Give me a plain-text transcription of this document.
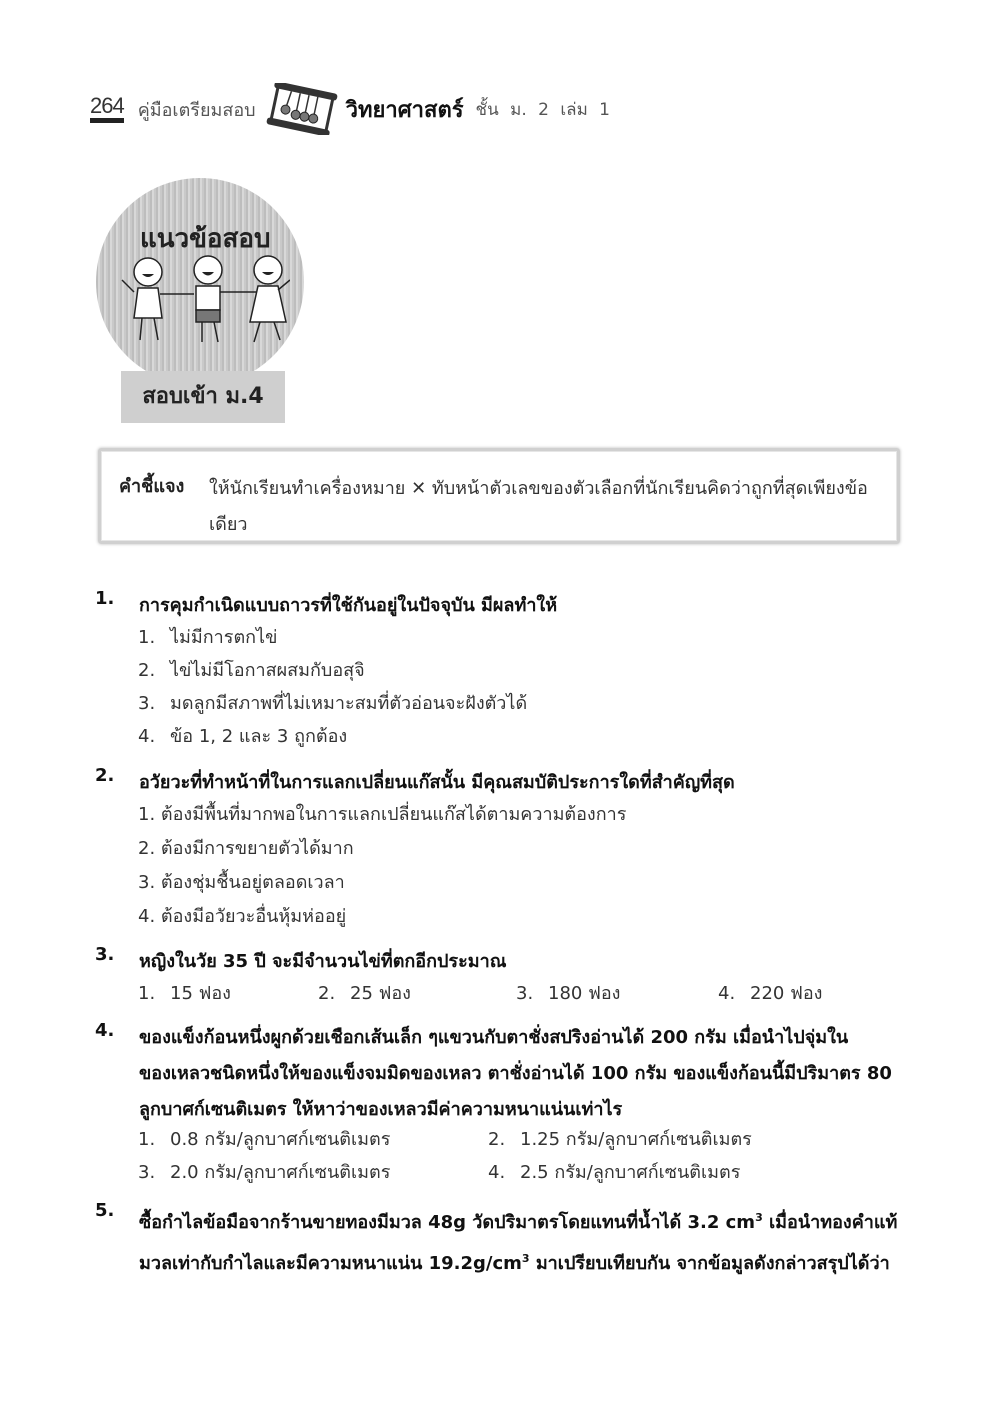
264 คู่มือเตรียมสอบ	วิทยาศาสตร์ ชั้น ม. 2 เล่ม 1
แนวข้อสอบ
สอบเข้า ม.4
คำชี้แจง ให้นักเรียนทำเครื่องหมาย ✕ ทับหน้าตัวเลขของตัวเลือกที่นักเรียนคิดว่าถูกที่สุดเพียงข้อเดียว
1. การคุมกำเนิดแบบถาวรที่ใช้กันอยู่ในปัจจุบัน มีผลทำให้
1. ไม่มีการตกไข่
2. ไข่ไม่มีโอกาสผสมกับอสุจิ
3. มดลูกมีสภาพที่ไม่เหมาะสมที่ตัวอ่อนจะฝังตัวได้
4. ข้อ 1, 2 และ 3 ถูกต้อง
2. อวัยวะที่ทำหน้าที่ในการแลกเปลี่ยนแก๊สนั้น มีคุณสมบัติประการใดที่สำคัญที่สุด
1. ต้องมีพื้นที่มากพอในการแลกเปลี่ยนแก๊สได้ตามความต้องการ
2. ต้องมีการขยายตัวได้มาก
3. ต้องชุ่มชื้นอยู่ตลอดเวลา
4. ต้องมีอวัยวะอื่นหุ้มห่ออยู่
3. หญิงในวัย 35 ปี จะมีจำนวนไข่ที่ตกอีกประมาณ
1. 15 ฟอง	2. 25 ฟอง	3. 180 ฟอง	4. 220 ฟอง
4. ของแข็งก้อนหนึ่งผูกด้วยเชือกเส้นเล็ก ๆแขวนกับตาชั่งสปริงอ่านได้ 200 กรัม เมื่อนำไปจุ่มในของเหลวชนิดหนึ่งให้ของแข็งจมมิดของเหลว ตาชั่งอ่านได้ 100 กรัม ของแข็งก้อนนี้มีปริมาตร 80 ลูกบาศก์เซนติเมตร ให้หาว่าของเหลวมีค่าความหนาแน่นเท่าไร
1. 0.8 กรัม/ลูกบาศก์เซนติเมตร	2. 1.25 กรัม/ลูกบาศก์เซนติเมตร
3. 2.0 กรัม/ลูกบาศก์เซนติเมตร	4. 2.5 กรัม/ลูกบาศก์เซนติเมตร
5.
ซื้อกำไลข้อมือจากร้านขายทองมีมวล 48g วัดปริมาตรโดยแทนที่น้ำได้ 3.2 $cm^3$ เมื่อนำทองคำแท้มวลเท่ากับกำไลและมีความหนาแน่น $19.2g/cm^3$ มาเปรียบเทียบกัน จากข้อมูลดังกล่าวสรุปได้ว่า
